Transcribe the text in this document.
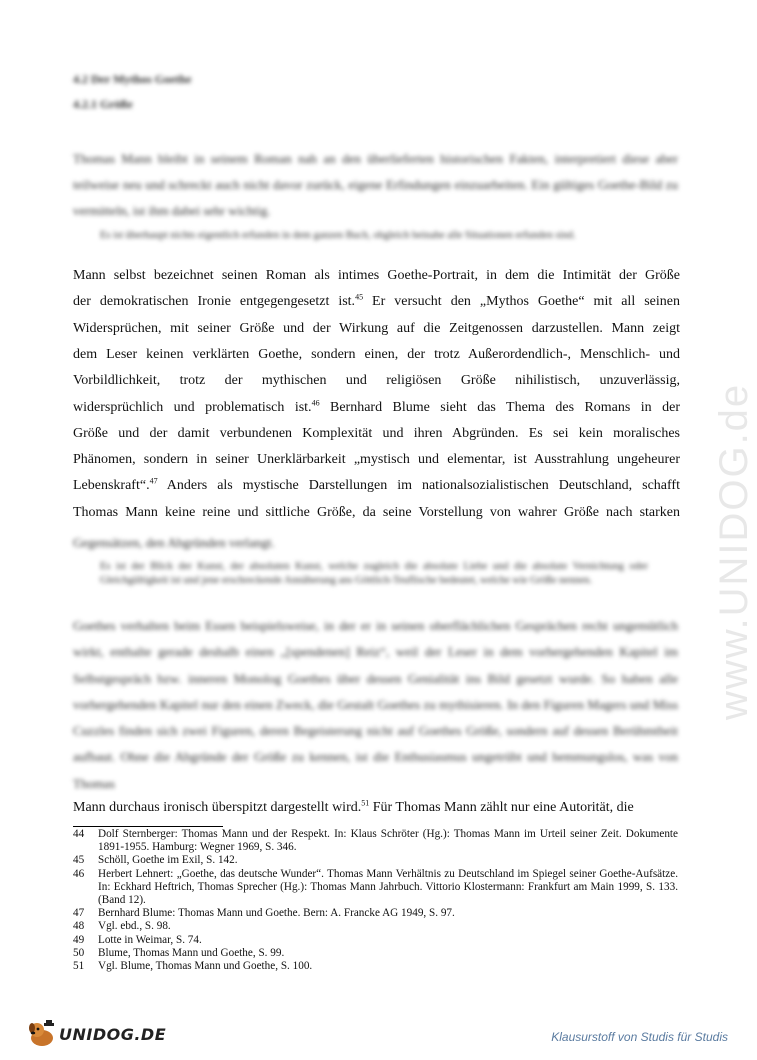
www.UNIDOG.de
4.2 Der Mythos Goethe
4.2.1 Größe
Thomas Mann bleibt in seinem Roman nah an den überlieferten historischen Fakten, interpretiert diese aber teilweise neu und schreckt auch nicht davor zurück, eigene Erfindungen einzuarbeiten. Ein gültiges Goethe-Bild zu vermitteln, ist ihm dabei sehr wichtig.
Es ist überhaupt nichts eigentlich erfunden in dem ganzen Buch, obgleich beinahe alle Situationen erfunden sind.
Mann selbst bezeichnet seinen Roman als intimes Goethe-Portrait, in dem die Intimität der Größe
der demokratischen Ironie entgegengesetzt ist.$^{45}$ Er versucht den „Mythos Goethe“ mit all seinen
Widersprüchen, mit seiner Größe und der Wirkung auf die Zeitgenossen darzustellen. Mann zeigt
dem Leser keinen verklärten Goethe, sondern einen, der trotz Außerordendlich-, Menschlich- und
Vorbildlichkeit, trotz der mythischen und religiösen Größe nihilistisch, unzuverlässig,
widersprüchlich und problematisch ist.$^{46}$ Bernhard Blume sieht das Thema des Romans in der
Größe und der damit verbundenen Komplexität und ihren Abgründen. Es sei kein moralisches
Phänomen, sondern in seiner Unerklärbarkeit „mystisch und elementar, ist Ausstrahlung ungeheurer
Lebenskraft“.$^{47}$ Anders als mystische Darstellungen im nationalsozialistischen Deutschland, schafft
Thomas Mann keine reine und sittliche Größe, da seine Vorstellung von wahrer Größe nach starken
Gegensätzen, den Abgründen verlangt.
Es ist der Blick der Kunst, der absoluten Kunst, welche zugleich die absolute Liebe und die absolute Vernichtung oder Gleichgültigkeit ist und jene erschreckende Annäherung ans Göttlich-Teuflische bedeutet, welche wie Größe nennen.
Goethes verhalten beim Essen beispielsweise, in der er in seinen oberflächlichen Gesprächen recht ungemütlich wirkt, enthalte gerade deshalb einen „[spendenen] Reiz“, weil der Leser in dem vorhergehenden Kapitel im Selbstgespräch bzw. inneren Monolog Goethes über dessen Genialität ins Bild gesetzt wurde. So haben alle vorhergehenden Kapitel nur den einen Zweck, die Gestalt Goethes zu mythisieren. In den Figuren Magers und Miss Cuzzles finden sich zwei Figuren, deren Begeisterung nicht auf Goethes Größe, sondern auf dessen Berühmtheit aufbaut. Ohne die Abgründe der Größe zu kennen, ist die Enthusiasmus ungetrübt und hemmungslos, was von Thomas
Mann durchaus ironisch überspitzt dargestellt wird.$^{51}$ Für Thomas Mann zählt nur eine Autorität, die
44	Dolf Sternberger: Thomas Mann und der Respekt. In: Klaus Schröter (Hg.): Thomas Mann im Urteil seiner Zeit. Dokumente 1891-1955. Hamburg: Wegner 1969, S. 346.
45	Schöll, Goethe im Exil, S. 142.
46	Herbert Lehnert: „Goethe, das deutsche Wunder“. Thomas Mann Verhältnis zu Deutschland im Spiegel seiner Goethe-Aufsätze. In: Eckhard Heftrich, Thomas Sprecher (Hg.): Thomas Mann Jahrbuch. Vittorio Klostermann: Frankfurt am Main 1999, S. 133. (Band 12).
47	Bernhard Blume: Thomas Mann und Goethe. Bern: A. Francke AG 1949, S. 97.
48	Vgl. ebd., S. 98.
49	Lotte in Weimar, S. 74.
50	Blume, Thomas Mann und Goethe, S. 99.
51	Vgl. Blume, Thomas Mann und Goethe, S. 100.
UNIDOG.DE	Klausurstoff von Studis für Studis
